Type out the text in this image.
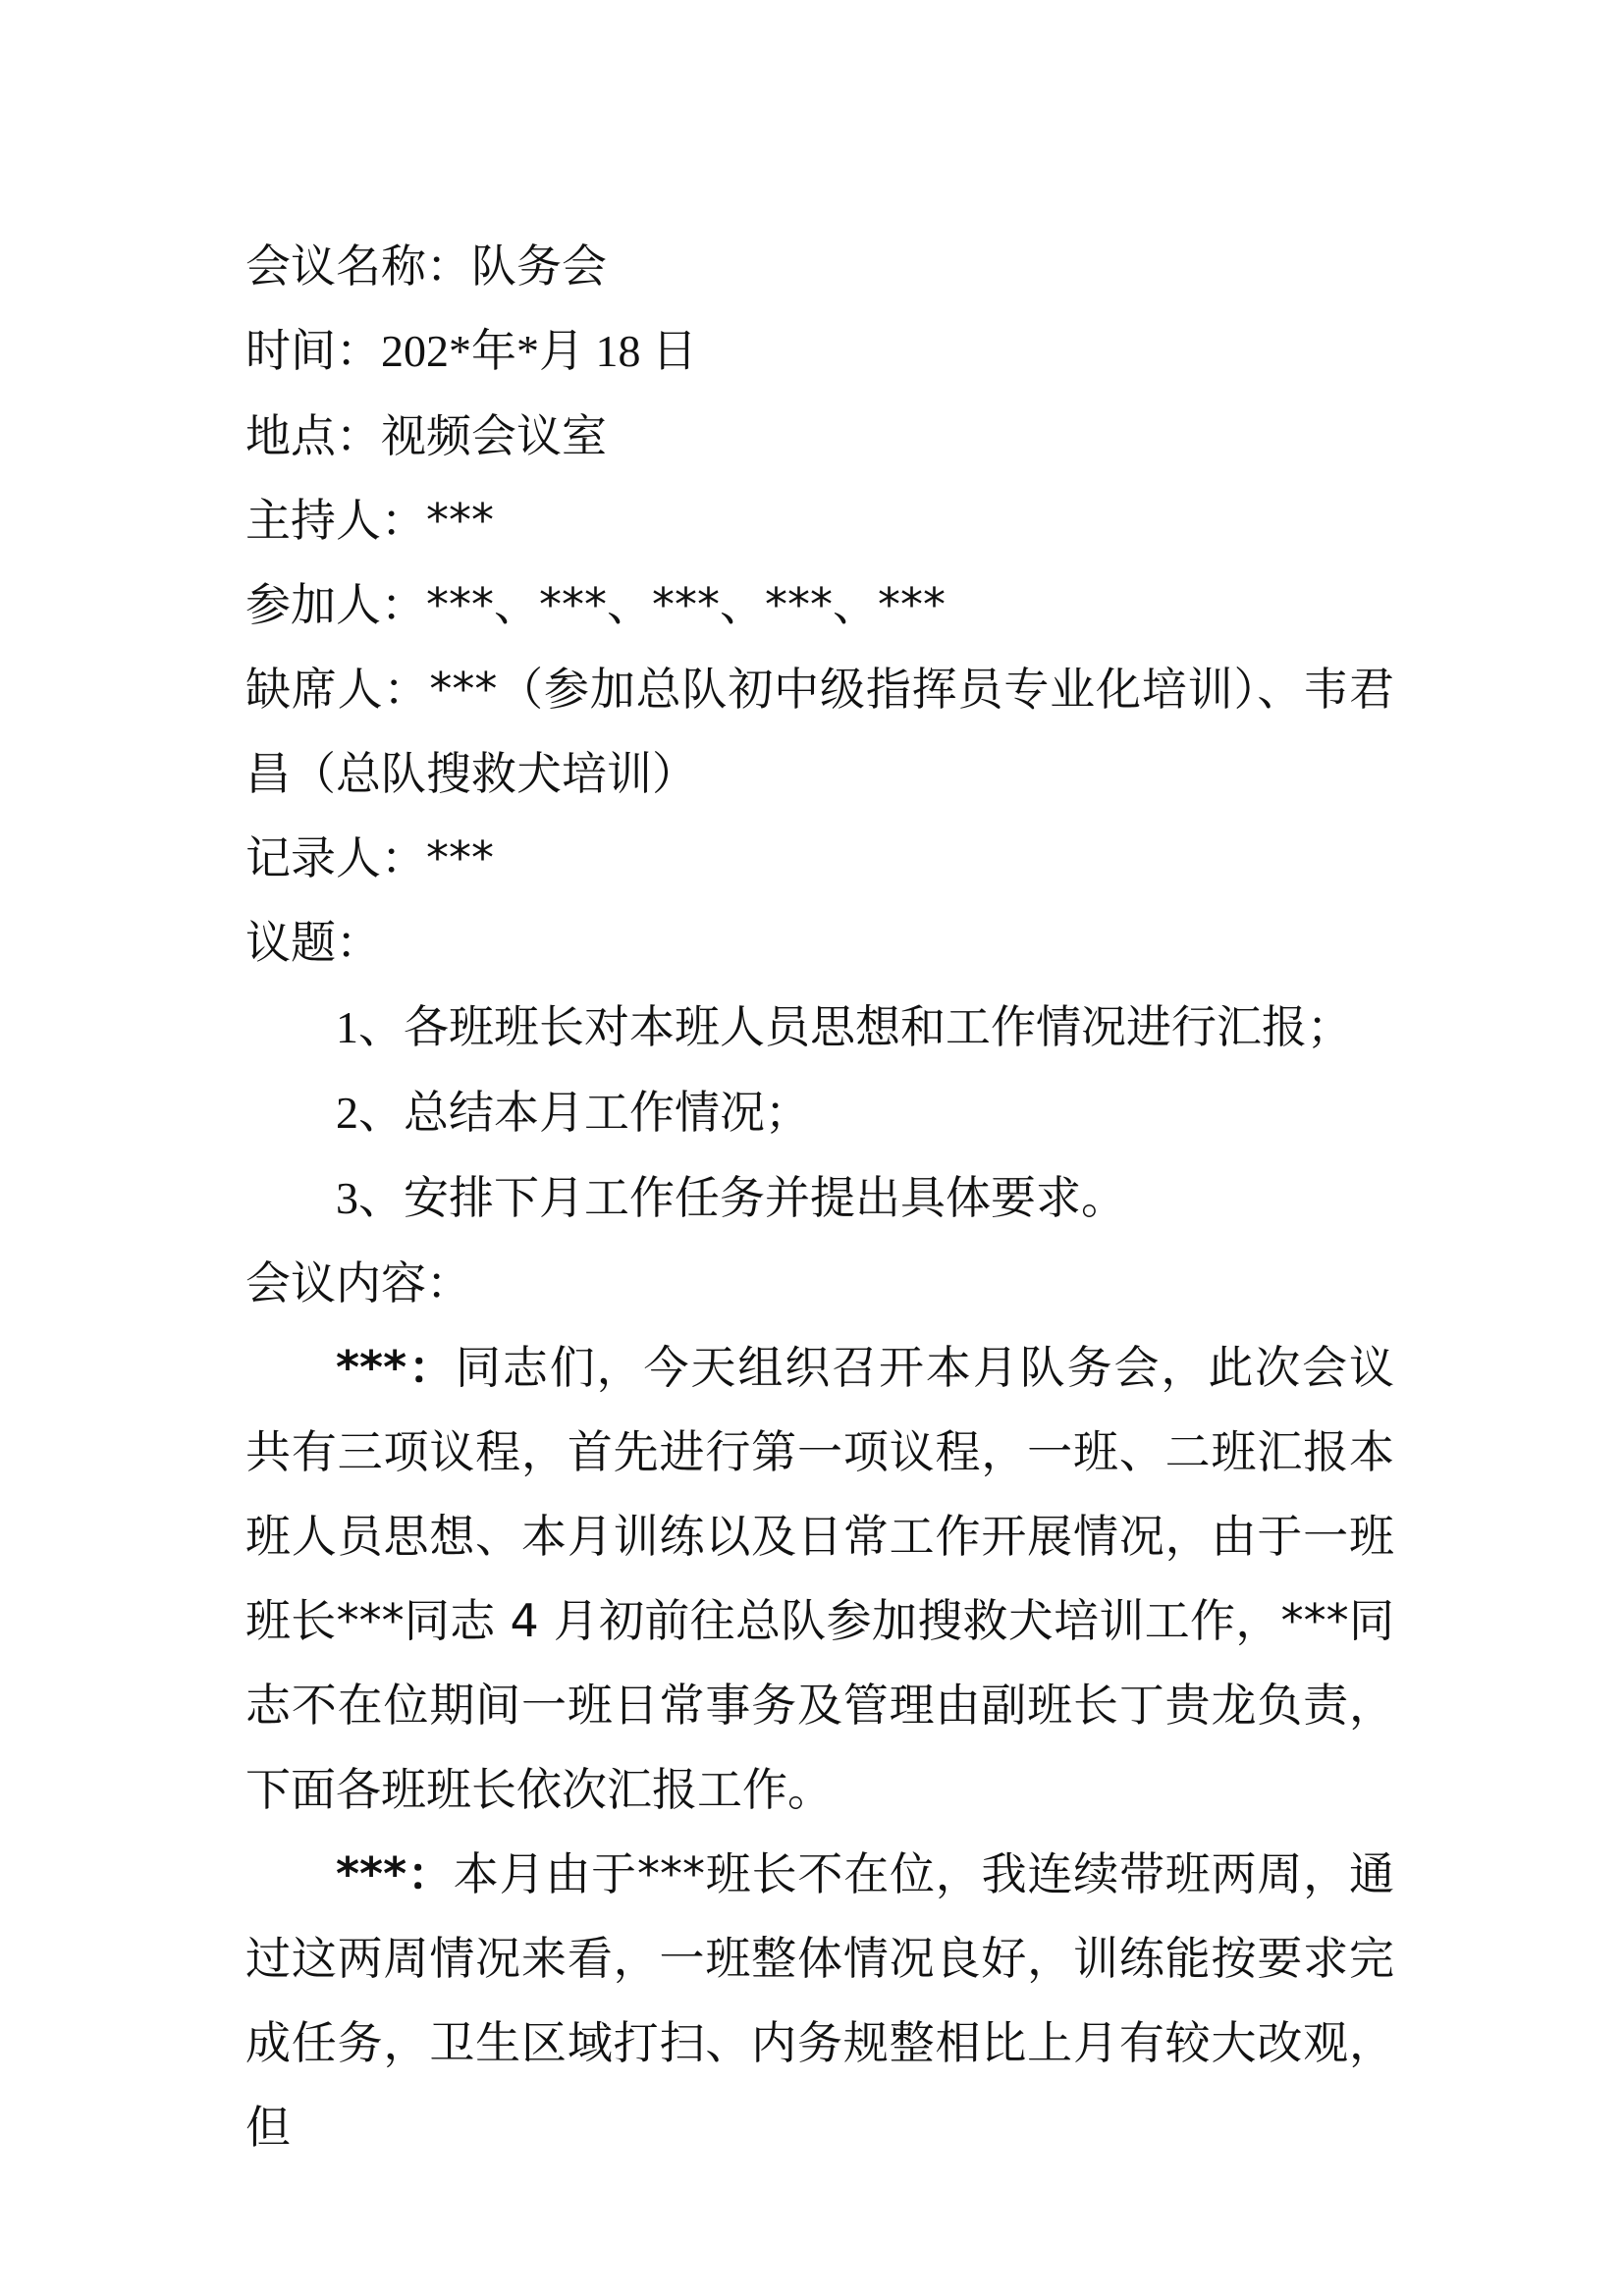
会议名称：队务会

时间：202*年*月 18 日

地点：视频会议室

主持人：***

参加人：***、***、***、***、***

缺席人：***（参加总队初中级指挥员专业化培训）、韦君昌（总队搜救犬培训）

记录人：***

议题：

1、各班班长对本班人员思想和工作情况进行汇报；

2、总结本月工作情况；

3、安排下月工作任务并提出具体要求。

会议内容：

***：同志们，今天组织召开本月队务会，此次会议共有三项议程，首先进行第一项议程，一班、二班汇报本班人员思想、本月训练以及日常工作开展情况，由于一班班长***同志 4 月初前往总队参加搜救犬培训工作，***同志不在位期间一班日常事务及管理由副班长丁贵龙负责，下面各班班长依次汇报工作。

***：本月由于***班长不在位，我连续带班两周，通过这两周情况来看，一班整体情况良好，训练能按要求完成任务，卫生区域打扫、内务规整相比上月有较大改观，但
